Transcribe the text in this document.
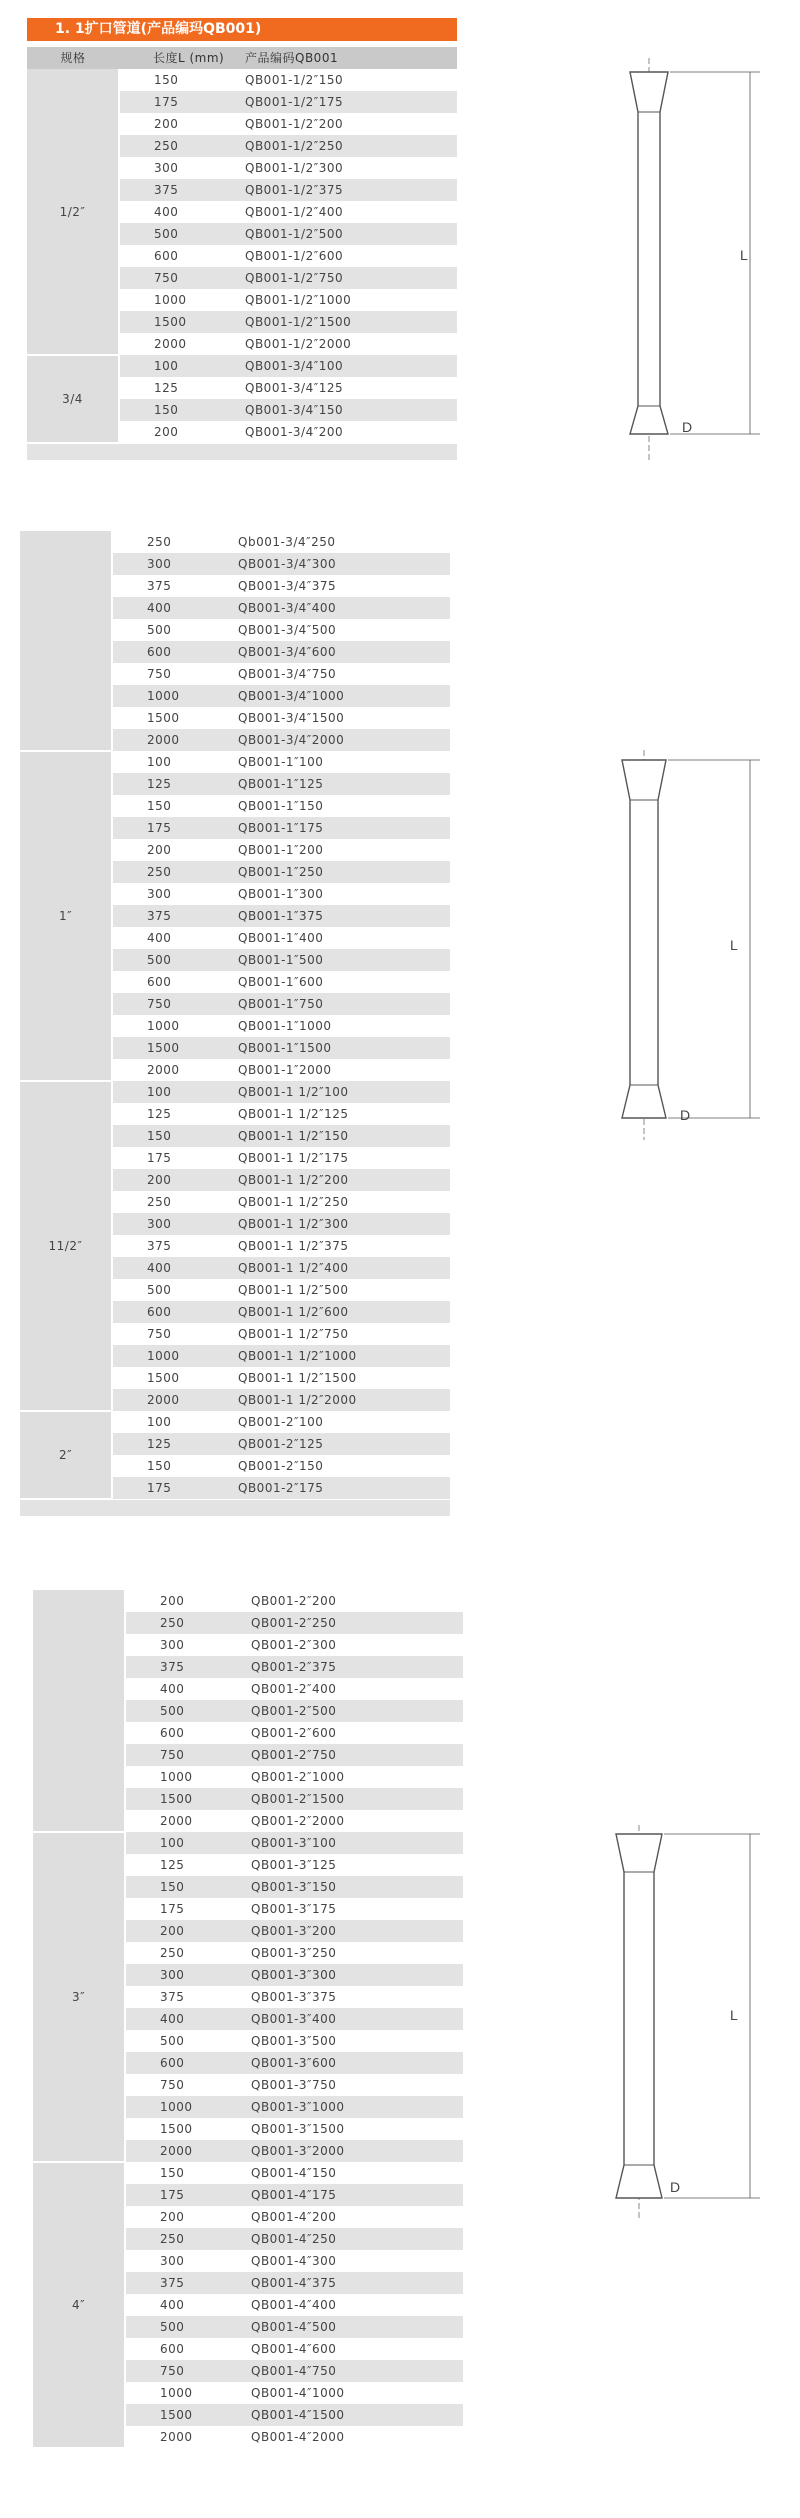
1. 1扩口管道(产品编玛QB001)
规格	长度L (mm)	产品编码QB001
1/2″	150	QB001-1/2″150
	175	QB001-1/2″175
	200	QB001-1/2″200
	250	QB001-1/2″250
	300	QB001-1/2″300
	375	QB001-1/2″375
	400	QB001-1/2″400
	500	QB001-1/2″500
	600	QB001-1/2″600
	750	QB001-1/2″750
	1000	QB001-1/2″1000
	1500	QB001-1/2″1500
	2000	QB001-1/2″2000
3/4	100	QB001-3/4″100
	125	QB001-3/4″125
	150	QB001-3/4″150
	200	QB001-3/4″200

	250	Qb001-3/4″250
	300	QB001-3/4″300
	375	QB001-3/4″375
	400	QB001-3/4″400
	500	QB001-3/4″500
	600	QB001-3/4″600
	750	QB001-3/4″750
	1000	QB001-3/4″1000
	1500	QB001-3/4″1500
	2000	QB001-3/4″2000
1″	100	QB001-1″100
	125	QB001-1″125
	150	QB001-1″150
	175	QB001-1″175
	200	QB001-1″200
	250	QB001-1″250
	300	QB001-1″300
	375	QB001-1″375
	400	QB001-1″400
	500	QB001-1″500
	600	QB001-1″600
	750	QB001-1″750
	1000	QB001-1″1000
	1500	QB001-1″1500
	2000	QB001-1″2000
11/2″	100	QB001-1 1/2″100
	125	QB001-1 1/2″125
	150	QB001-1 1/2″150
	175	QB001-1 1/2″175
	200	QB001-1 1/2″200
	250	QB001-1 1/2″250
	300	QB001-1 1/2″300
	375	QB001-1 1/2″375
	400	QB001-1 1/2″400
	500	QB001-1 1/2″500
	600	QB001-1 1/2″600
	750	QB001-1 1/2″750
	1000	QB001-1 1/2″1000
	1500	QB001-1 1/2″1500
	2000	QB001-1 1/2″2000
2″	100	QB001-2″100
	125	QB001-2″125
	150	QB001-2″150
	175	QB001-2″175

	200	QB001-2″200
	250	QB001-2″250
	300	QB001-2″300
	375	QB001-2″375
	400	QB001-2″400
	500	QB001-2″500
	600	QB001-2″600
	750	QB001-2″750
	1000	QB001-2″1000
	1500	QB001-2″1500
	2000	QB001-2″2000
3″	100	QB001-3″100
	125	QB001-3″125
	150	QB001-3″150
	175	QB001-3″175
	200	QB001-3″200
	250	QB001-3″250
	300	QB001-3″300
	375	QB001-3″375
	400	QB001-3″400
	500	QB001-3″500
	600	QB001-3″600
	750	QB001-3″750
	1000	QB001-3″1000
	1500	QB001-3″1500
	2000	QB001-3″2000
4″	150	QB001-4″150
	175	QB001-4″175
	200	QB001-4″200
	250	QB001-4″250
	300	QB001-4″300
	375	QB001-4″375
	400	QB001-4″400
	500	QB001-4″500
	600	QB001-4″600
	750	QB001-4″750
	1000	QB001-4″1000
	1500	QB001-4″1500
	2000	QB001-4″2000
L
D
L
D
L
D
